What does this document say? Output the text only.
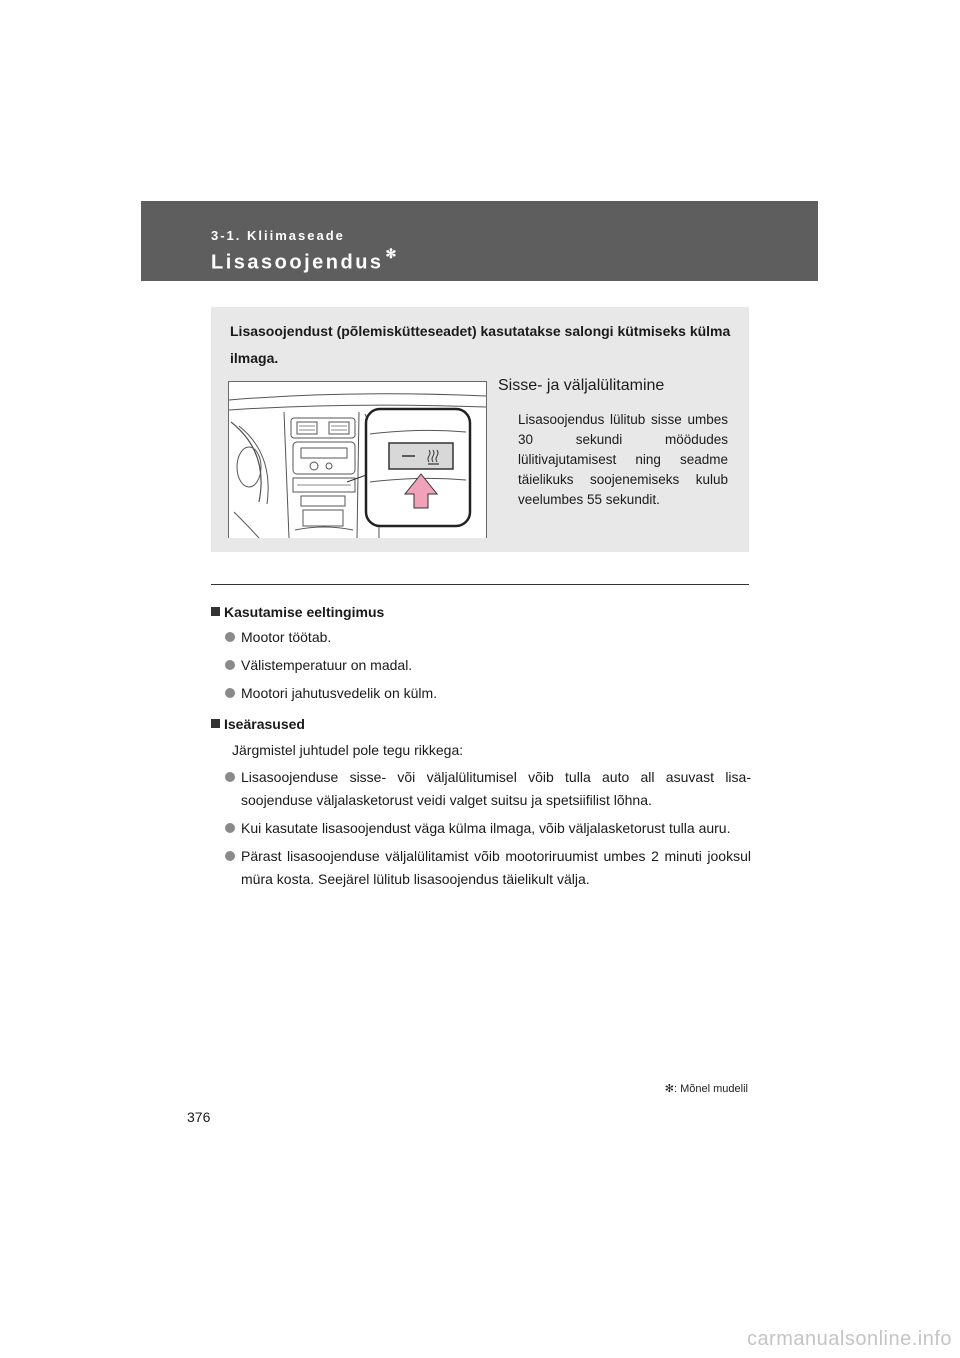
3-1. Kliimaseade
Lisasoojendus ✻
Lisasoojendust (põlemiskütteseadet) kasutatakse salongi kütmiseks külma ilmaga.
Sisse- ja väljalülitamine
Lisasoojendus lülitub sisse umbes 30 sekundi möödudes lülitivajutamisest ning seadme täielikuks soojenemiseks kulub veelumbes 55 sekundit.
Kasutamise eeltingimus
Mootor töötab.
Välistemperatuur on madal.
Mootori jahutusvedelik on külm.
Iseärasused
Järgmistel juhtudel pole tegu rikkega:
Lisasoojenduse sisse- või väljalülitumisel võib tulla auto all asuvast lisa-soojenduse väljalasketorust veidi valget suitsu ja spetsiifilist lõhna.
Kui kasutate lisasoojendust väga külma ilmaga, võib väljalasketorust tulla auru.
Pärast lisasoojenduse väljalülitamist võib mootoriruumist umbes 2 minuti jooksul müra kosta. Seejärel lülitub lisasoojendus täielikult välja.
✻: Mõnel mudelil
376
carmanualsonline.info
